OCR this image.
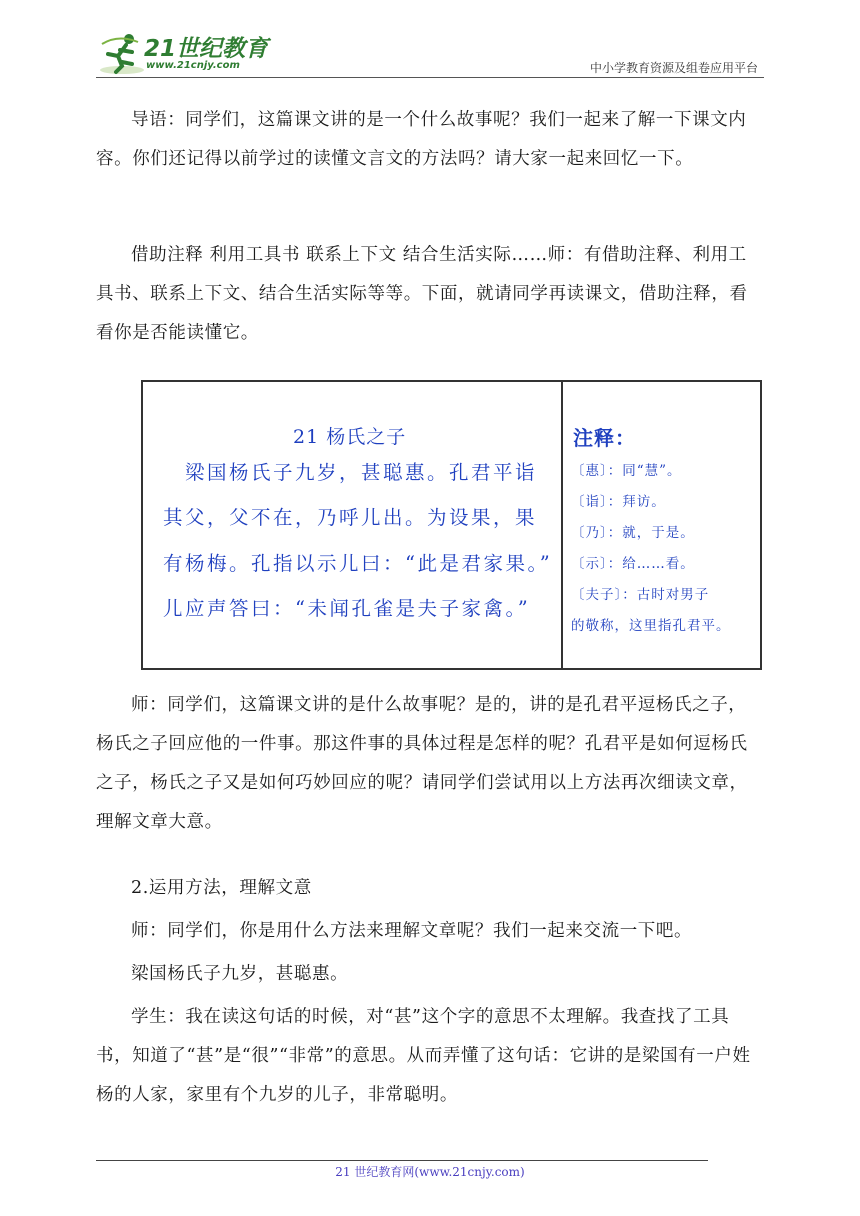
21世纪教育
www.21cnjy.com	中小学教育资源及组卷应用平台

导语：同学们，这篇课文讲的是一个什么故事呢？我们一起来了解一下课文内容。你们还记得以前学过的读懂文言文的方法吗？请大家一起来回忆一下。

借助注释 利用工具书 联系上下文 结合生活实际……师：有借助注释、利用工具书、联系上下文、结合生活实际等等。下面，就请同学再读课文，借助注释，看看你是否能读懂它。

21 杨氏之子
　梁国杨氏子九岁，甚聪惠。孔君平诣
其父，父不在，乃呼儿出。为设果，果
有杨梅。孔指以示儿曰：“此是君家果。”
儿应声答曰：“未闻孔雀是夫子家禽。”
注释：
〔惠〕：同“慧”。
〔诣〕：拜访。
〔乃〕：就，于是。
〔示〕：给……看。
〔夫子〕：古时对男子
的敬称，这里指孔君平。

师：同学们，这篇课文讲的是什么故事呢？是的，讲的是孔君平逗杨氏之子，杨氏之子回应他的一件事。那这件事的具体过程是怎样的呢？孔君平是如何逗杨氏之子，杨氏之子又是如何巧妙回应的呢？请同学们尝试用以上方法再次细读文章，理解文章大意。

2.运用方法，理解文意

师：同学们，你是用什么方法来理解文章呢？我们一起来交流一下吧。

梁国杨氏子九岁，甚聪惠。

学生：我在读这句话的时候，对“甚”这个字的意思不太理解。我查找了工具书，知道了“甚”是“很”“非常”的意思。从而弄懂了这句话：它讲的是梁国有一户姓杨的人家，家里有个九岁的儿子，非常聪明。

21 世纪教育网(www.21cnjy.com)
